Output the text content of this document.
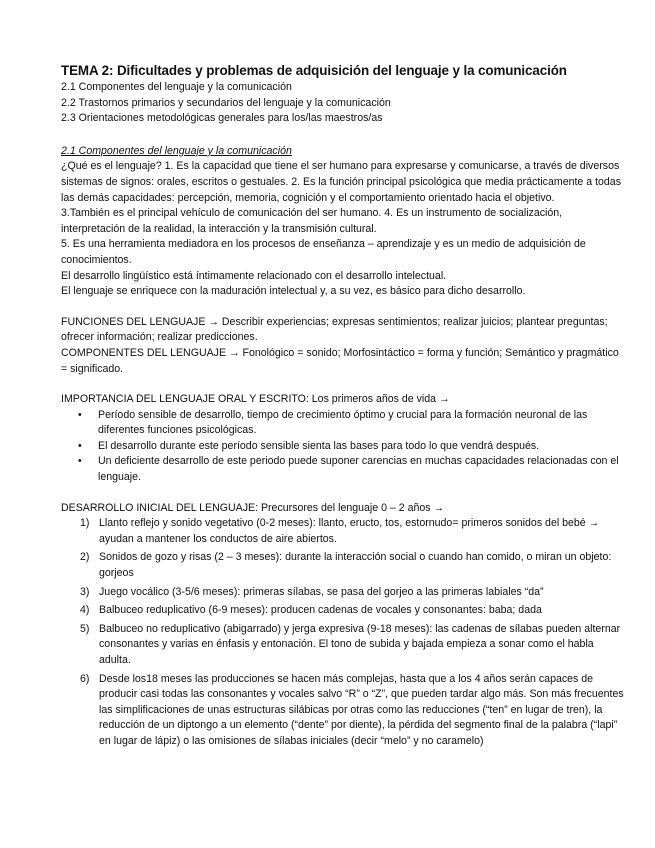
TEMA 2: Dificultades y problemas de adquisición del lenguaje y la comunicación

2.1 Componentes del lenguaje y la comunicación

2.2 Trastornos primarios y secundarios del lenguaje y la comunicación

2.3 Orientaciones metodológicas generales para los/las maestros/as

2.1 Componentes del lenguaje y la comunicación

¿Qué es el lenguaje? 1. Es la capacidad que tiene el ser humano para expresarse y comunicarse, a través de diversos sistemas de signos: orales, escritos o gestuales. 2. Es la función principal psicológica que media prácticamente a todas las demás capacidades: percepción, memoria, cognición y el comportamiento orientado hacia el objetivo.

3.También es el principal vehículo de comunicación del ser humano. 4. Es un instrumento de socialización, interpretación de la realidad, la interacción y la transmisión cultural.

5. Es una herramienta mediadora en los procesos de enseñanza – aprendizaje y es un medio de adquisición de conocimientos.

El desarrollo lingüístico está íntimamente relacionado con el desarrollo intelectual.

El lenguaje se enriquece con la maduración intelectual y, a su vez, es básico para dicho desarrollo.

FUNCIONES DEL LENGUAJE → Describir experiencias; expresas sentimientos; realizar juicios; plantear preguntas; ofrecer información; realizar predicciones.

COMPONENTES DEL LENGUAJE → Fonológico = sonido; Morfosintáctico = forma y función; Semántico y pragmático = significado.

IMPORTANCIA DEL LENGUAJE ORAL Y ESCRITO: Los primeros años de vida →

• Período sensible de desarrollo, tiempo de crecimiento óptimo y crucial para la formación neuronal de las diferentes funciones psicológicas.
• El desarrollo durante este período sensible sienta las bases para todo lo que vendrá después.
• Un deficiente desarrollo de este periodo puede suponer carencias en muchas capacidades relacionadas con el lenguaje.

DESARROLLO INICIAL DEL LENGUAJE: Precursores del lenguaje 0 – 2 años →

1) Llanto reflejo y sonido vegetativo (0-2 meses): llanto, eructo, tos, estornudo= primeros sonidos del bebé → ayudan a mantener los conductos de aire abiertos.
2) Sonidos de gozo y risas (2 – 3 meses): durante la interacción social o cuando han comido, o miran un objeto: gorjeos
3) Juego vocálico (3-5/6 meses): primeras sílabas, se pasa del gorjeo a las primeras labiales “da”
4) Balbuceo reduplicativo (6-9 meses): producen cadenas de vocales y consonantes: baba; dada
5) Balbuceo no reduplicativo (abigarrado) y jerga expresiva (9-18 meses): las cadenas de sílabas pueden alternar consonantes y varias en énfasis y entonación. El tono de subida y bajada empieza a sonar como el habla adulta.
6) Desde los18 meses las producciones se hacen más complejas, hasta que a los 4 años serán capaces de producir casi todas las consonantes y vocales salvo “R” o “Z”, que pueden tardar algo más. Son más frecuentes las simplificaciones de unas estructuras silábicas por otras como las reducciones (“ten” en lugar de tren), la reducción de un diptongo a un elemento (“dente” por diente), la pérdida del segmento final de la palabra (“lapi” en lugar de lápiz) o las omisiones de sílabas iniciales (decir “melo” y no caramelo)
